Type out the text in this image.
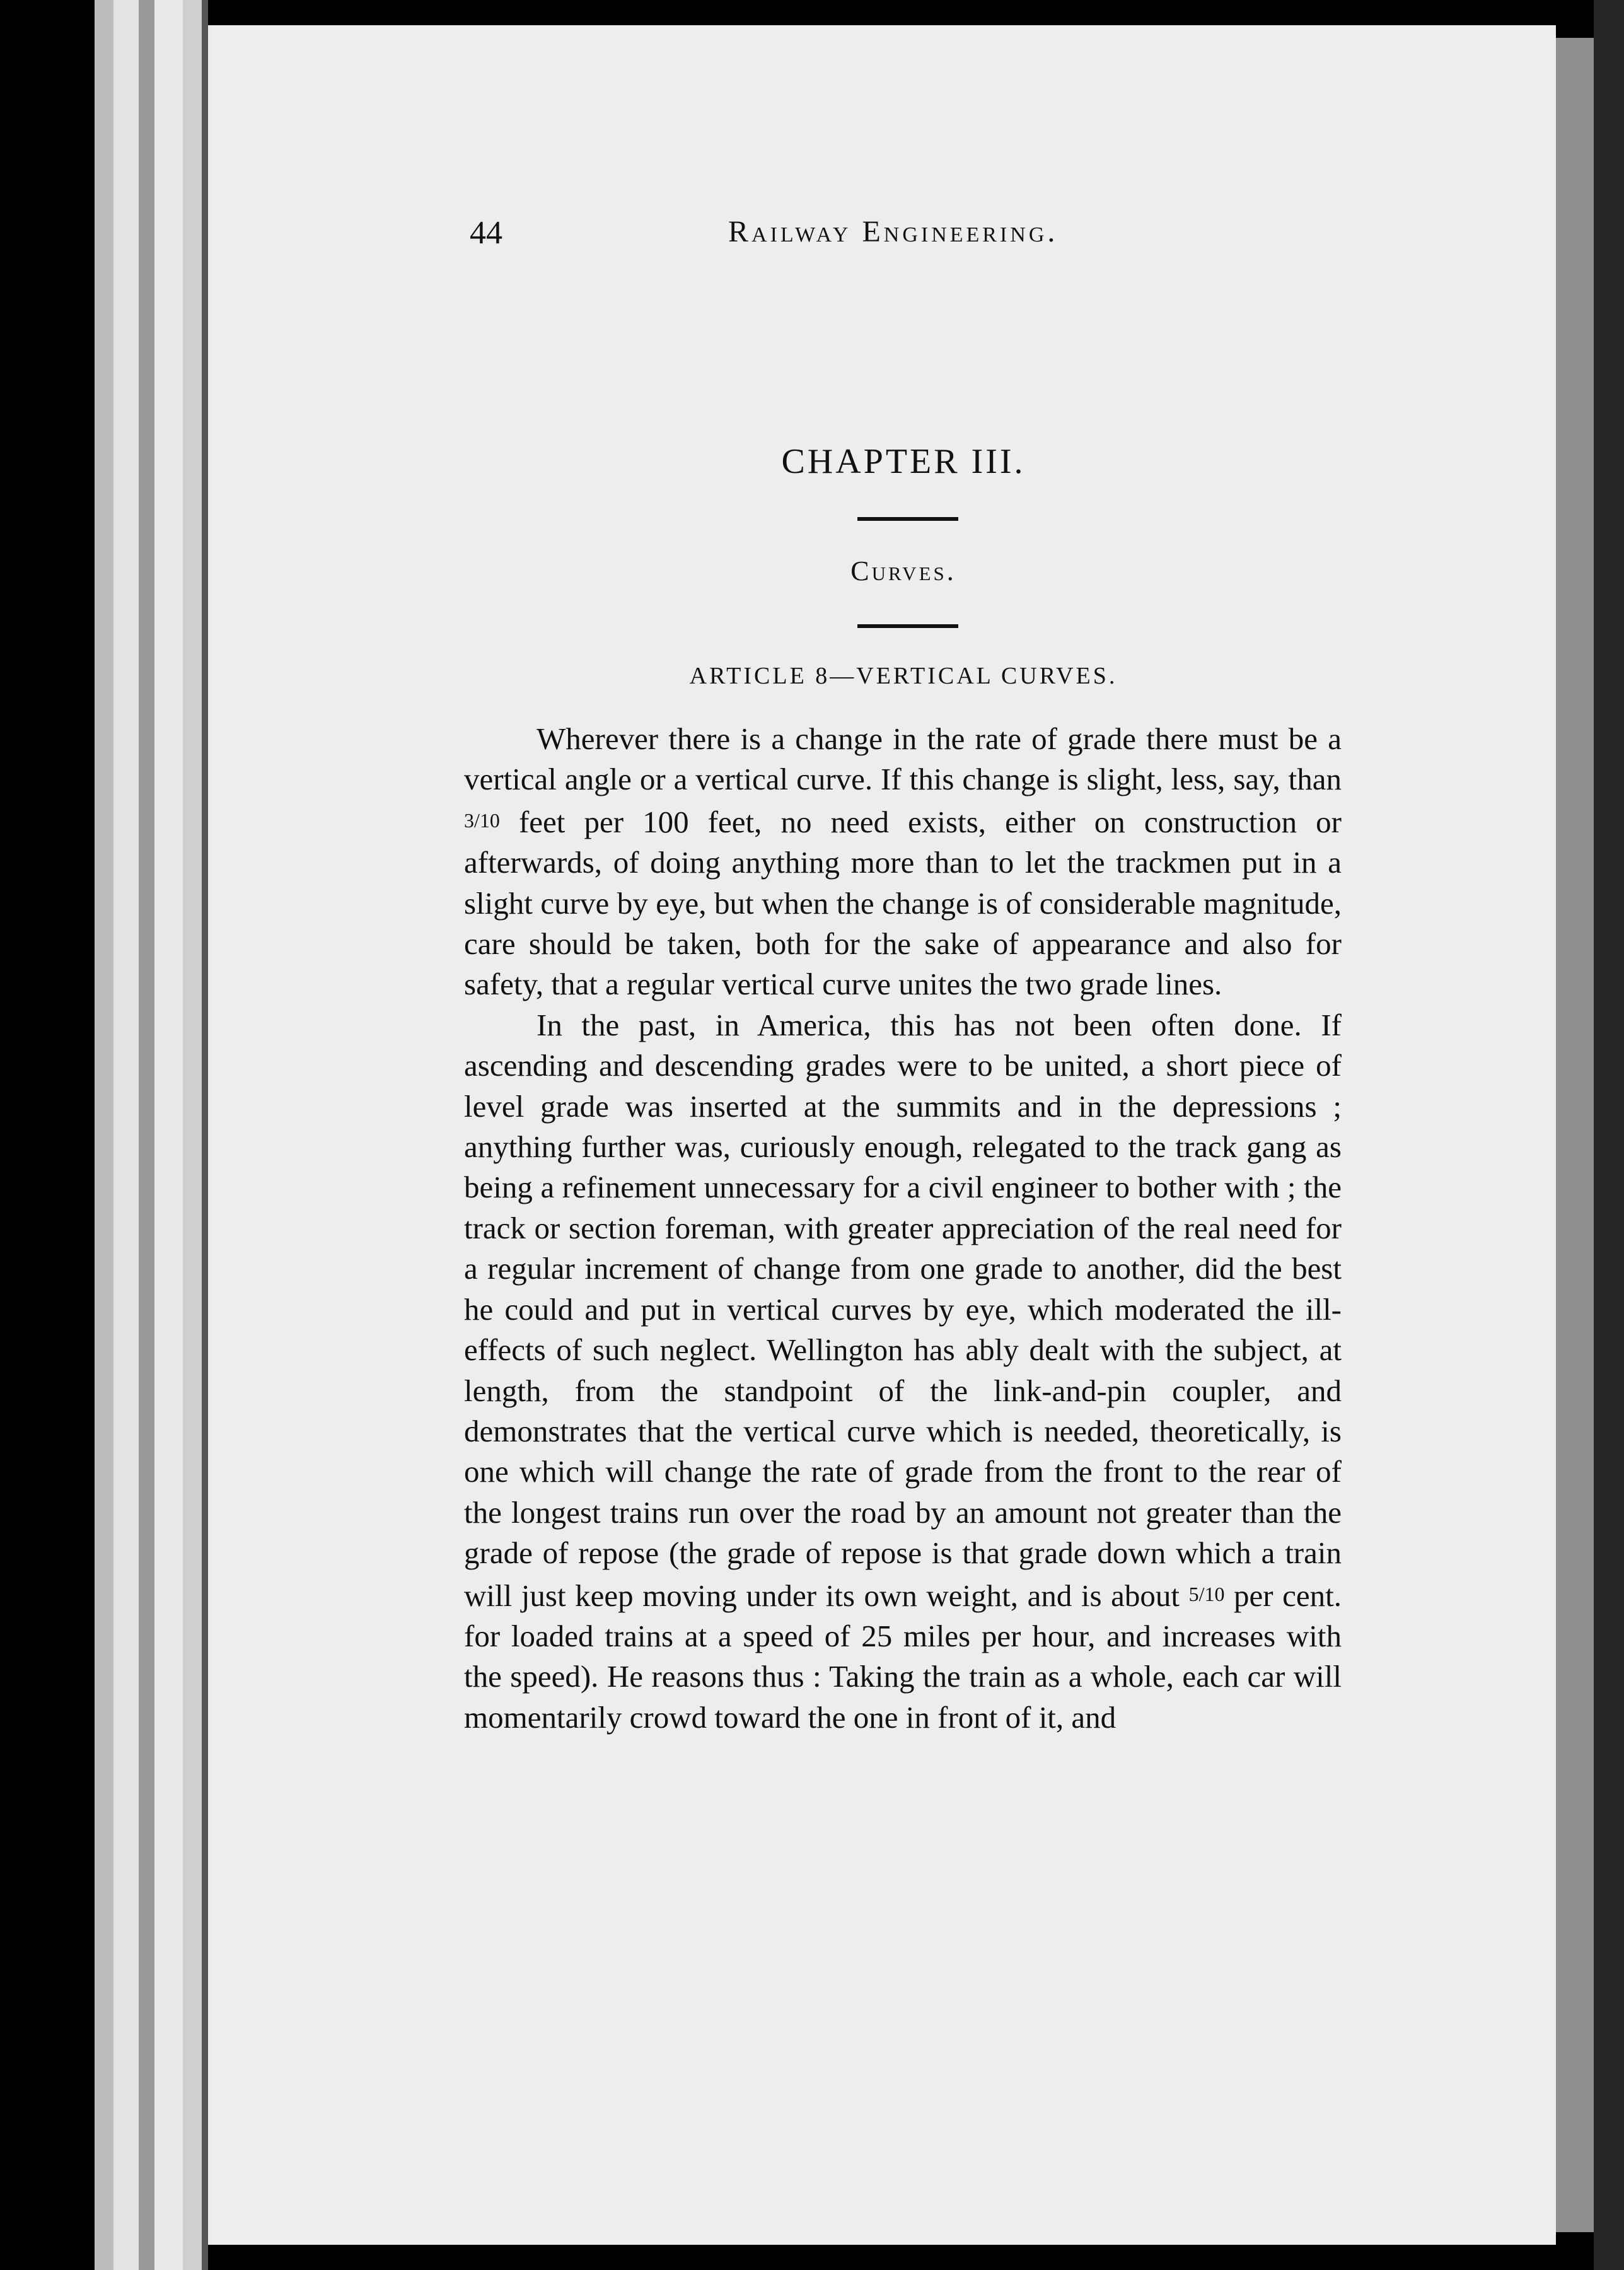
44	Railway Engineering.
CHAPTER III.
Curves.
ARTICLE 8—VERTICAL CURVES.

Wherever there is a change in the rate of grade there must be a vertical angle or a vertical curve. If this change is slight, less, say, than 3/10 feet per 100 feet, no need exists, either on construction or afterwards, of doing anything more than to let the trackmen put in a slight curve by eye, but when the change is of considerable magnitude, care should be taken, both for the sake of appearance and also for safety, that a regular vertical curve unites the two grade lines.

In the past, in America, this has not been often done. If ascending and descending grades were to be united, a short piece of level grade was inserted at the summits and in the depressions ; anything further was, curiously enough, relegated to the track gang as being a refinement unnecessary for a civil engineer to bother with ; the track or section foreman, with greater appreciation of the real need for a regular increment of change from one grade to another, did the best he could and put in vertical curves by eye, which moderated the ill-effects of such neglect. Wellington has ably dealt with the subject, at length, from the standpoint of the link-and-pin coupler, and demonstrates that the vertical curve which is needed, theoretically, is one which will change the rate of grade from the front to the rear of the longest trains run over the road by an amount not greater than the grade of repose (the grade of repose is that grade down which a train will just keep moving under its own weight, and is about 5/10 per cent. for loaded trains at a speed of 25 miles per hour, and increases with the speed). He reasons thus : Taking the train as a whole, each car will momentarily crowd toward the one in front of it, and
